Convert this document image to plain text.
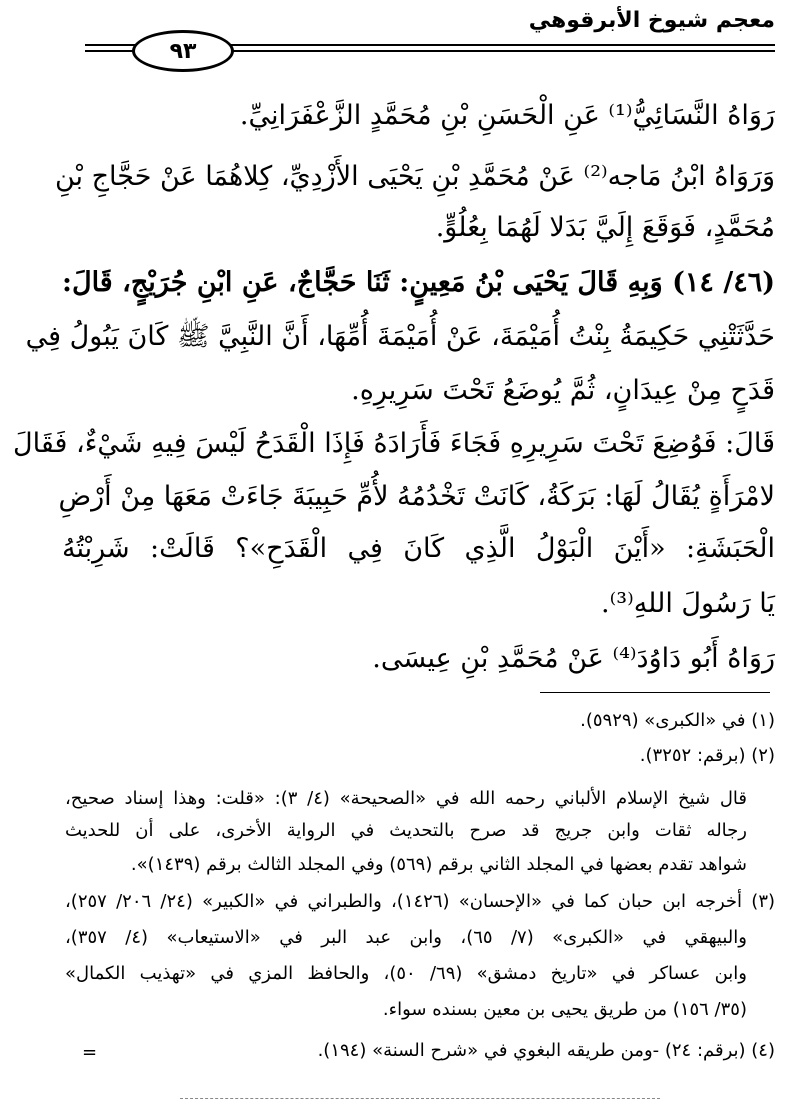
معجم شيوخ الأبرقوهي
٩٣
رَوَاهُ النَّسَائِيُّ⁽¹⁾ عَنِ الْحَسَنِ بْنِ مُحَمَّدٍ الزَّعْفَرَانِيِّ.
وَرَوَاهُ ابْنُ مَاجه⁽²⁾ عَنْ مُحَمَّدِ بْنِ يَحْيَى الأَزْدِيِّ، كِلاهُمَا عَنْ حَجَّاجِ بْنِ
مُحَمَّدٍ، فَوَقَعَ إِلَيَّ بَدَلا لَهُمَا بِعُلُوٍّ.
(٤٦/ ١٤) وَبِهِ قَالَ يَحْيَى بْنُ مَعِينٍ: ثَنَا حَجَّاجٌ، عَنِ ابْنِ جُرَيْجٍ، قَالَ:
حَدَّثَتْنِي حَكِيمَةُ بِنْتُ أُمَيْمَةَ، عَنْ أُمَيْمَةَ أُمِّهَا، أَنَّ النَّبِيَّ ﷺ كَانَ يَبُولُ فِي
قَدَحٍ مِنْ عِيدَانٍ، ثُمَّ يُوضَعُ تَحْتَ سَرِيرِهِ.
قَالَ: فَوُضِعَ تَحْتَ سَرِيرِهِ فَجَاءَ فَأَرَادَهُ فَإِذَا الْقَدَحُ لَيْسَ فِيهِ شَيْءٌ، فَقَالَ
لامْرَأَةٍ يُقَالُ لَهَا: بَرَكَةُ، كَانَتْ تَخْدُمُهُ لأُمِّ حَبِيبَةَ جَاءَتْ مَعَهَا مِنْ أَرْضِ
الْحَبَشَةِ: «أَيْنَ الْبَوْلُ الَّذِي كَانَ فِي الْقَدَحِ»؟ قَالَتْ: شَرِبْتُهُ
يَا رَسُولَ اللهِ⁽³⁾.
رَوَاهُ أَبُو دَاوُدَ⁽⁴⁾ عَنْ مُحَمَّدِ بْنِ عِيسَى.
(١) في «الكبرى» (٥٩٢٩).
(٢) (برقم: ٣٢٥٢).
قال شيخ الإسلام الألباني رحمه الله في «الصحيحة» (٤/ ٣): «قلت: وهذا إسناد صحيح،
رجاله ثقات وابن جريج قد صرح بالتحديث في الرواية الأخرى، على أن للحديث
شواهد تقدم بعضها في المجلد الثاني برقم (٥٦٩) وفي المجلد الثالث برقم (١٤٣٩)».
(٣) أخرجه ابن حبان كما في «الإحسان» (١٤٢٦)، والطبراني في «الكبير» (٢٤/ ٢٠٦/ ٢٥٧)،
والبيهقي في «الكبرى» (٧/ ٦٥)، وابن عبد البر في «الاستيعاب» (٤/ ٣٥٧)،
وابن عساكر في «تاريخ دمشق» (٦٩/ ٥٠)، والحافظ المزي في «تهذيب الكمال»
(٣٥/ ١٥٦) من طريق يحيى بن معين بسنده سواء.
(٤) (برقم: ٢٤) -ومن طريقه البغوي في «شرح السنة» (١٩٤).
=
